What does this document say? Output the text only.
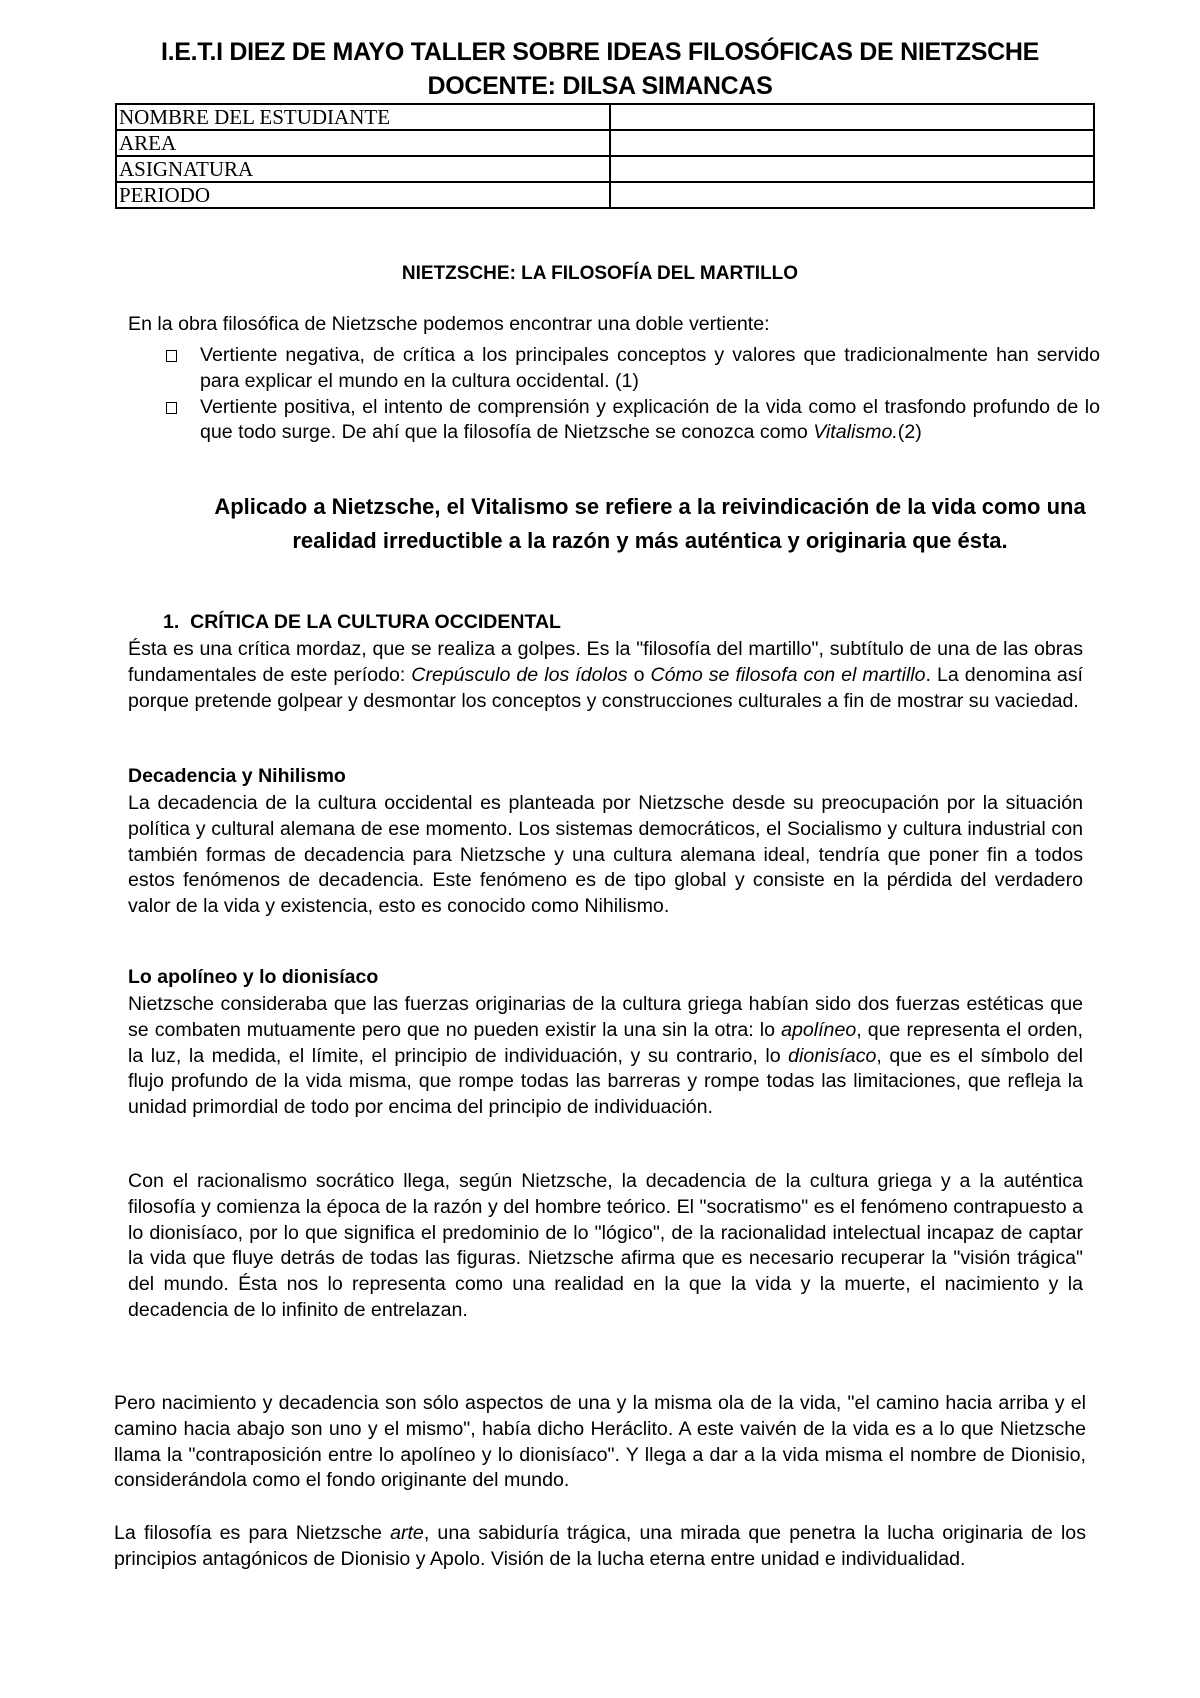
I.E.T.I DIEZ DE MAYO TALLER SOBRE IDEAS FILOSÓFICAS DE NIETZSCHE
DOCENTE: DILSA SIMANCAS
NOMBRE DEL ESTUDIANTE	
AREA	
ASIGNATURA	
PERIODO	
NIETZSCHE: LA FILOSOFÍA DEL MARTILLO

En la obra filosófica de Nietzsche podemos encontrar una doble vertiente:

Vertiente negativa, de crítica a los principales conceptos y valores que tradicionalmente han servido para explicar el mundo en la cultura occidental. (1)
Vertiente positiva, el intento de comprensión y explicación de la vida como el trasfondo profundo de lo que todo surge. De ahí que la filosofía de Nietzsche se conozca como Vitalismo.(2)
Aplicado a Nietzsche, el Vitalismo se refiere a la reivindicación de la vida como una realidad irreductible a la razón y más auténtica y originaria que ésta.
1. CRÍTICA DE LA CULTURA OCCIDENTAL

Ésta es una crítica mordaz, que se realiza a golpes. Es la "filosofía del martillo", subtítulo de una de las obras fundamentales de este período: Crepúsculo de los ídolos o Cómo se filosofa con el martillo. La denomina así porque pretende golpear y desmontar los conceptos y construcciones culturales a fin de mostrar su vaciedad.

Decadencia y Nihilismo

La decadencia de la cultura occidental es planteada por Nietzsche desde su preocupación por la situación política y cultural alemana de ese momento. Los sistemas democráticos, el Socialismo y cultura industrial con también formas de decadencia para Nietzsche y una cultura alemana ideal, tendría que poner fin a todos estos fenómenos de decadencia. Este fenómeno es de tipo global y consiste en la pérdida del verdadero valor de la vida y existencia, esto es conocido como Nihilismo.

Lo apolíneo y lo dionisíaco

Nietzsche consideraba que las fuerzas originarias de la cultura griega habían sido dos fuerzas estéticas que se combaten mutuamente pero que no pueden existir la una sin la otra: lo apolíneo, que representa el orden, la luz, la medida, el límite, el principio de individuación, y su contrario, lo dionisíaco, que es el símbolo del flujo profundo de la vida misma, que rompe todas las barreras y rompe todas las limitaciones, que refleja la unidad primordial de todo por encima del principio de individuación.

Con el racionalismo socrático llega, según Nietzsche, la decadencia de la cultura griega y a la auténtica filosofía y comienza la época de la razón y del hombre teórico. El "socratismo" es el fenómeno contrapuesto a lo dionisíaco, por lo que significa el predominio de lo "lógico", de la racionalidad intelectual incapaz de captar la vida que fluye detrás de todas las figuras. Nietzsche afirma que es necesario recuperar la "visión trágica" del mundo. Ésta nos lo representa como una realidad en la que la vida y la muerte, el nacimiento y la decadencia de lo infinito de entrelazan.

Pero nacimiento y decadencia son sólo aspectos de una y la misma ola de la vida, "el camino hacia arriba y el camino hacia abajo son uno y el mismo", había dicho Heráclito. A este vaivén de la vida es a lo que Nietzsche llama la "contraposición entre lo apolíneo y lo dionisíaco". Y llega a dar a la vida misma el nombre de Dionisio, considerándola como el fondo originante del mundo.

La filosofía es para Nietzsche arte, una sabiduría trágica, una mirada que penetra la lucha originaria de los principios antagónicos de Dionisio y Apolo. Visión de la lucha eterna entre unidad e individualidad.
